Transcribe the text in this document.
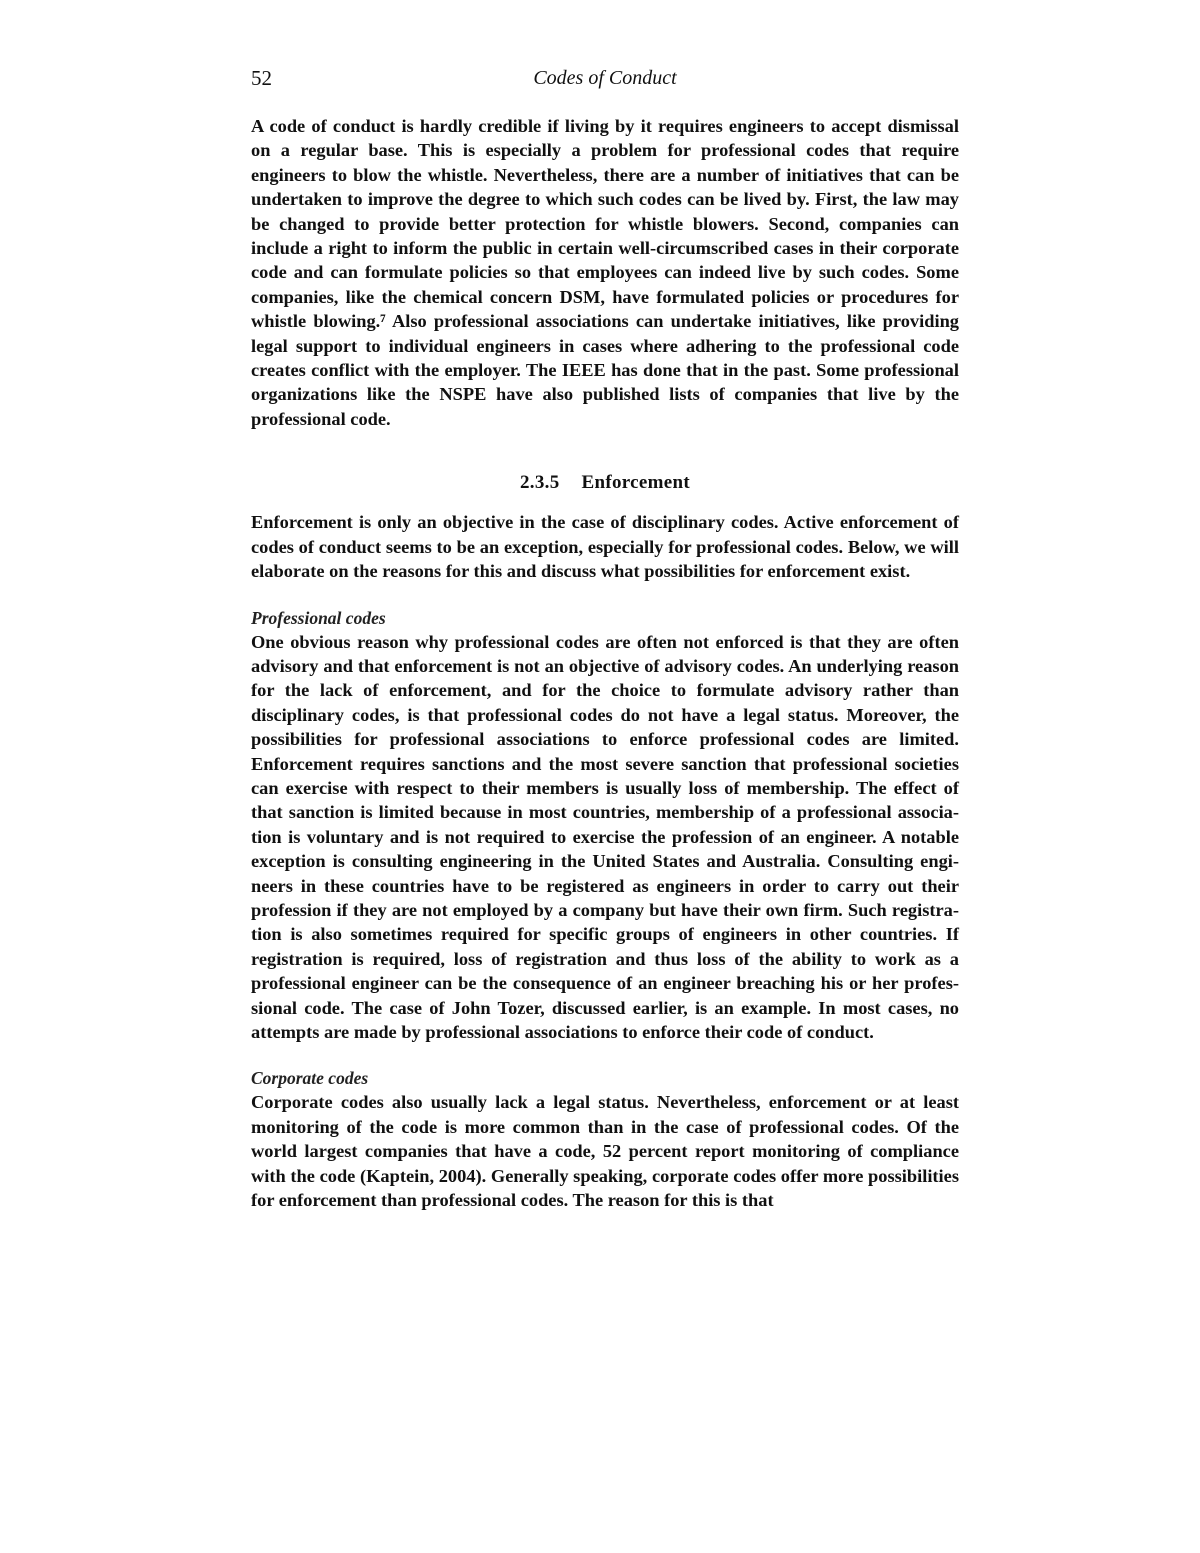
52	Codes of Conduct

A code of conduct is hardly credible if living by it requires engineers to accept dismissal on a regular base. This is especially a problem for professional codes that require engineers to blow the whistle. Nevertheless, there are a number of initiatives that can be undertaken to improve the degree to which such codes can be lived by. First, the law may be changed to provide better protection for whistle blowers. Second, companies can include a right to inform the public in certain well-circumscribed cases in their corporate code and can formulate policies so that employees can indeed live by such codes. Some companies, like the chemical concern DSM, have formulated policies or procedures for whistle blowing.⁷ Also professional associations can undertake initiatives, like providing legal support to individual engineers in cases where adhering to the professional code creates conflict with the employer. The IEEE has done that in the past. Some professional organizations like the NSPE have also published lists of companies that live by the professional code.

2.3.5 Enforcement

Enforcement is only an objective in the case of disciplinary codes. Active enforcement of codes of conduct seems to be an exception, especially for professional codes. Below, we will elaborate on the reasons for this and discuss what possibilities for enforcement exist.

Professional codes

One obvious reason why professional codes are often not enforced is that they are often advisory and that enforcement is not an objective of advisory codes. An underlying reason for the lack of enforcement, and for the choice to formulate advisory rather than disciplinary codes, is that professional codes do not have a legal status. Moreover, the possibilities for professional associations to enforce professional codes are limited. Enforcement requires sanctions and the most severe sanction that professional societies can exercise with respect to their members is usually loss of membership. The effect of that sanction is limited because in most countries, membership of a professional association is voluntary and is not required to exercise the profession of an engineer. A notable exception is consulting engineering in the United States and Australia. Consulting engineers in these countries have to be registered as engineers in order to carry out their profession if they are not employed by a company but have their own firm. Such registration is also sometimes required for specific groups of engineers in other countries. If registration is required, loss of registration and thus loss of the ability to work as a professional engineer can be the consequence of an engineer breaching his or her professional code. The case of John Tozer, discussed earlier, is an example. In most cases, no attempts are made by professional associations to enforce their code of conduct.

Corporate codes

Corporate codes also usually lack a legal status. Nevertheless, enforcement or at least monitoring of the code is more common than in the case of professional codes. Of the world largest companies that have a code, 52 percent report monitoring of compliance with the code (Kaptein, 2004). Generally speaking, corporate codes offer more possibilities for enforcement than professional codes. The reason for this is that
